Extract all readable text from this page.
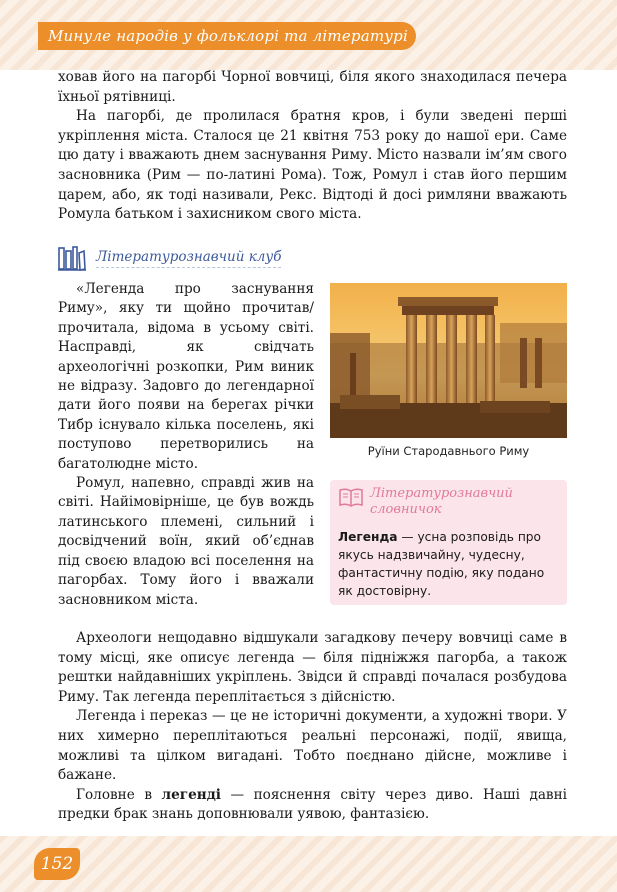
Минуле народів у фольклорі та літературі

ховав його на пагорбі Чорної вовчиці, біля якого знаходилася печера їхньої рятівниці.

На пагорбі, де пролилася братня кров, і були зведені перші укріплення міста. Сталося це 21 квітня 753 року до нашої ери. Саме цю дату і вважають днем заснування Риму. Місто назвали ім’ям свого засновника (Рим — по-латині Рома). Тож, Ромул і став його першим царем, або, як тоді називали, Рекс. Відтоді й досі римляни вважають Ромула батьком і захисником свого міста.

Літературознавчий клуб

«Легенда про заснування Риму», яку ти щойно прочитав/прочитала, відома в усьому світі. Насправді, як свідчать археологічні розкопки, Рим виник не відразу. Задовго до легендарної дати його появи на берегах річки Тибр існувало кілька поселень, які поступово перетворились на багатолюдне місто.

Ромул, напевно, справді жив на світі. Найімовірніше, це був вождь латинського племені, сильний і досвідчений воїн, який об’єднав під своєю владою всі поселення на пагорбах. Тому його і вважали засновником міста.

Руїни Стародавнього Риму
Літературознавчий словничок
Легенда — усна розповідь про якусь надзвичайну, чудесну, фантастичну подію, яку подано як достовірну.

Археологи нещодавно відшукали загадкову печеру вовчиці саме в тому місці, яке описує легенда — біля підніжжя пагорба, а також рештки найдавніших укріплень. Звідси й справді почалася розбудова Риму. Так легенда переплітається з дійсністю.

Легенда і переказ — це не історичні документи, а художні твори. У них химерно переплітаються реальні персонажі, події, явища, можливі та цілком вигадані. Тобто поєднано дійсне, можливе і бажане.

Головне в легенді — пояснення світу через диво. Наші давні предки брак знань доповнювали уявою, фантазією.

152
